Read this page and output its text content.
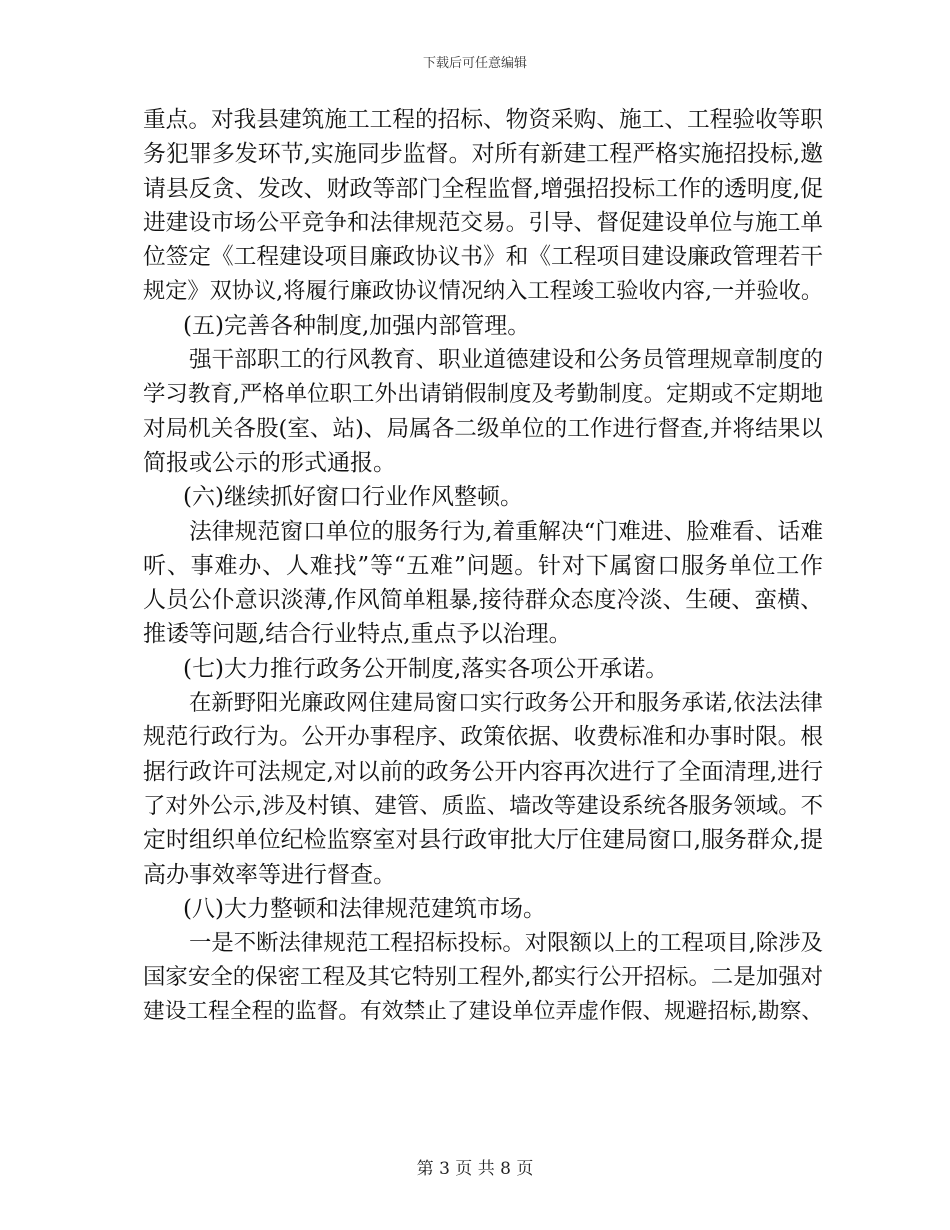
下载后可任意编辑
重点。对我县建筑施工工程的招标、物资采购、施工、工程验收等职
务犯罪多发环节,实施同步监督。对所有新建工程严格实施招投标,邀
请县反贪、发改、财政等部门全程监督,增强招投标工作的透明度,促
进建设市场公平竞争和法律规范交易。引导、督促建设单位与施工单
位签定《工程建设项目廉政协议书》和《工程项目建设廉政管理若干
规定》双协议,将履行廉政协议情况纳入工程竣工验收内容,一并验收。
(五)完善各种制度,加强内部管理。
强干部职工的行风教育、职业道德建设和公务员管理规章制度的
学习教育,严格单位职工外出请销假制度及考勤制度。定期或不定期地
对局机关各股(室、站)、局属各二级单位的工作进行督查,并将结果以
简报或公示的形式通报。
(六)继续抓好窗口行业作风整顿。
法律规范窗口单位的服务行为,着重解决“门难进、脸难看、话难
听、事难办、人难找”等“五难”问题。针对下属窗口服务单位工作
人员公仆意识淡薄,作风简单粗暴,接待群众态度冷淡、生硬、蛮横、
推诿等问题,结合行业特点,重点予以治理。
(七)大力推行政务公开制度,落实各项公开承诺。
在新野阳光廉政网住建局窗口实行政务公开和服务承诺,依法法律
规范行政行为。公开办事程序、政策依据、收费标准和办事时限。根
据行政许可法规定,对以前的政务公开内容再次进行了全面清理,进行
了对外公示,涉及村镇、建管、质监、墙改等建设系统各服务领域。不
定时组织单位纪检监察室对县行政审批大厅住建局窗口,服务群众,提
高办事效率等进行督查。
(八)大力整顿和法律规范建筑市场。
一是不断法律规范工程招标投标。对限额以上的工程项目,除涉及
国家安全的保密工程及其它特别工程外,都实行公开招标。二是加强对
建设工程全程的监督。有效禁止了建设单位弄虚作假、规避招标,勘察、
第 3 页 共 8 页
